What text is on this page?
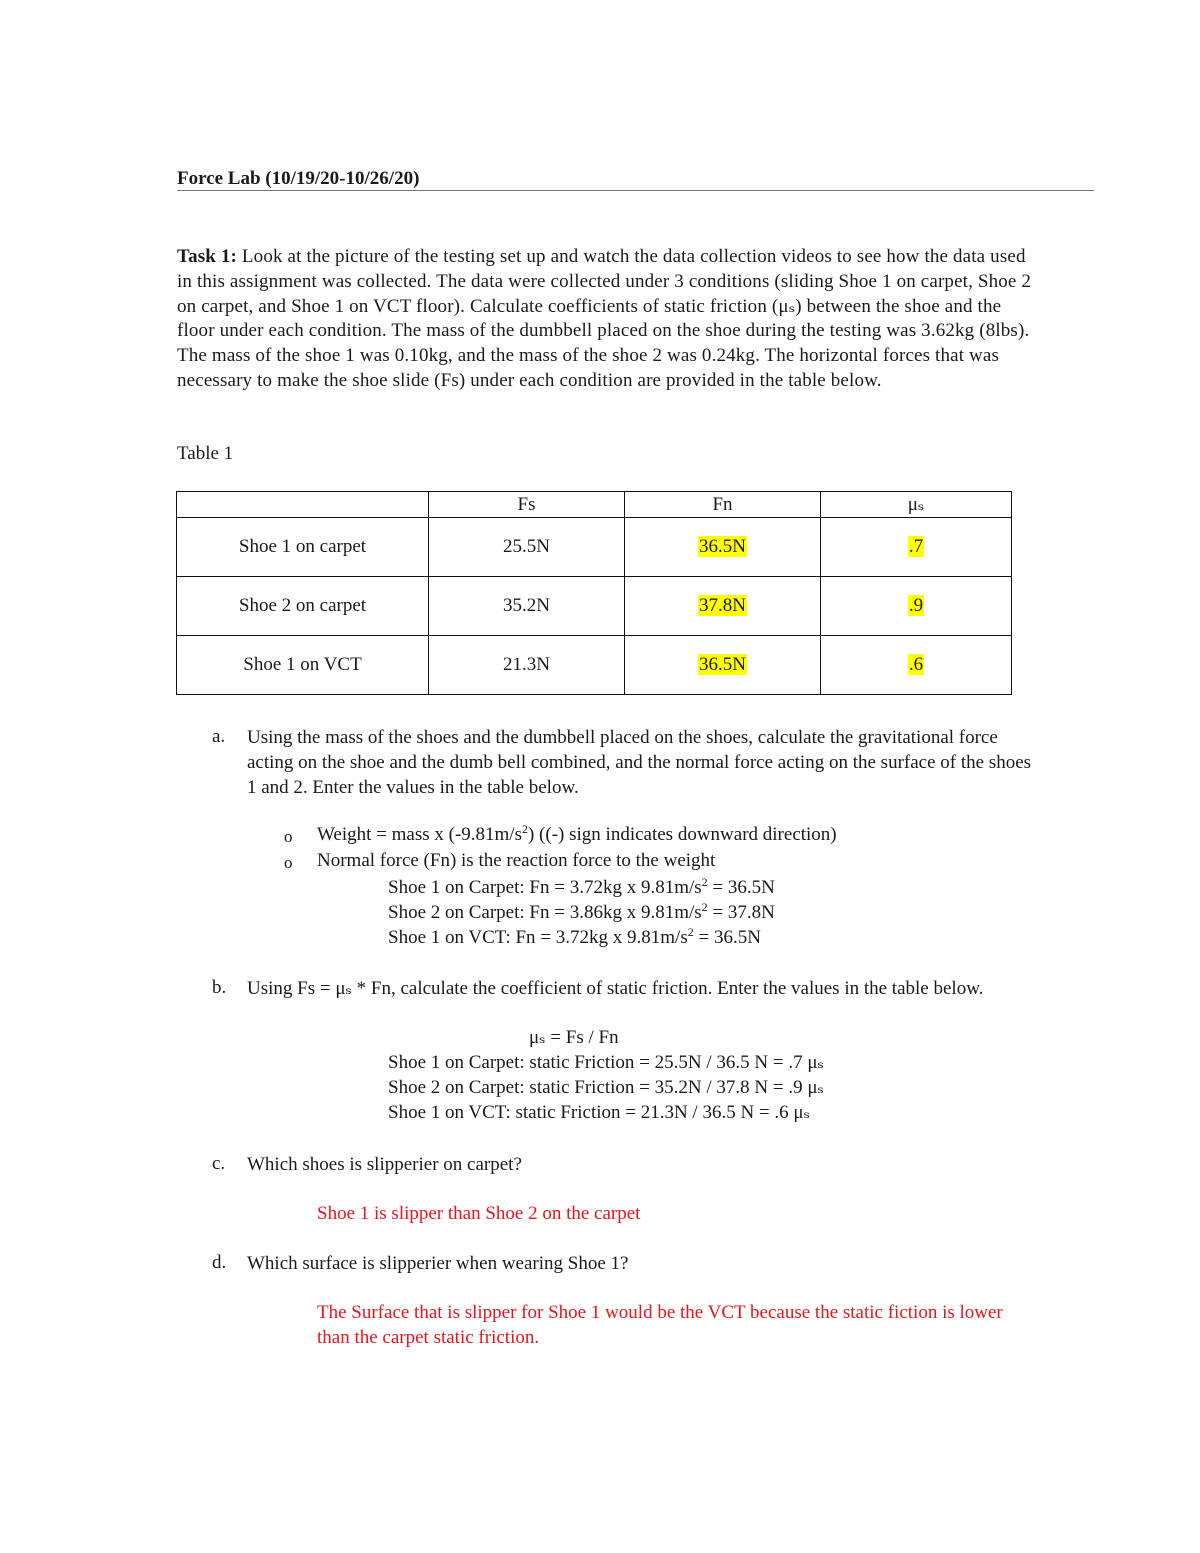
Force Lab (10/19/20-10/26/20)
Task 1: Look at the picture of the testing set up and watch the data collection videos to see how the data used in this assignment was collected. The data were collected under 3 conditions (sliding Shoe 1 on carpet, Shoe 2 on carpet, and Shoe 1 on VCT floor). Calculate coefficients of static friction (μₛ) between the shoe and the floor under each condition. The mass of the dumbbell placed on the shoe during the testing was 3.62kg (8lbs). The mass of the shoe 1 was 0.10kg, and the mass of the shoe 2 was 0.24kg. The horizontal forces that was necessary to make the shoe slide (Fs) under each condition are provided in the table below.
Table 1
	Fs	Fn	μₛ
Shoe 1 on carpet	25.5N	36.5N	.7
Shoe 2 on carpet	35.2N	37.8N	.9
Shoe 1 on VCT	21.3N	36.5N	.6
a.	Using the mass of the shoes and the dumbbell placed on the shoes, calculate the gravitational force acting on the shoe and the dumb bell combined, and the normal force acting on the surface of the shoes 1 and 2. Enter the values in the table below.
o Weight = mass x $(-9.81m/s^2)$ ((-) sign indicates downward direction)
o Normal force (Fn) is the reaction force to the weight
Shoe 1 on Carpet: Fn = 3.72kg x $9.81m/s^2 = 36.5N$
Shoe 2 on Carpet: Fn = 3.86kg x $9.81m/s^2 = 37.8N$
Shoe 1 on VCT: Fn = 3.72kg x $9.81m/s^2 = 36.5N$
b.	Using Fs = μₛ * Fn, calculate the coefficient of static friction. Enter the values in the table below.
μₛ = Fs / Fn
Shoe 1 on Carpet: static Friction = 25.5N / 36.5 N = .7 μₛ
Shoe 2 on Carpet: static Friction = 35.2N / 37.8 N = .9 μₛ
Shoe 1 on VCT: static Friction = 21.3N / 36.5 N = .6 μₛ
c.	Which shoes is slipperier on carpet?
Shoe 1 is slipper than Shoe 2 on the carpet
d.	Which surface is slipperier when wearing Shoe 1?
The Surface that is slipper for Shoe 1 would be the VCT because the static fiction is lower than the carpet static friction.
